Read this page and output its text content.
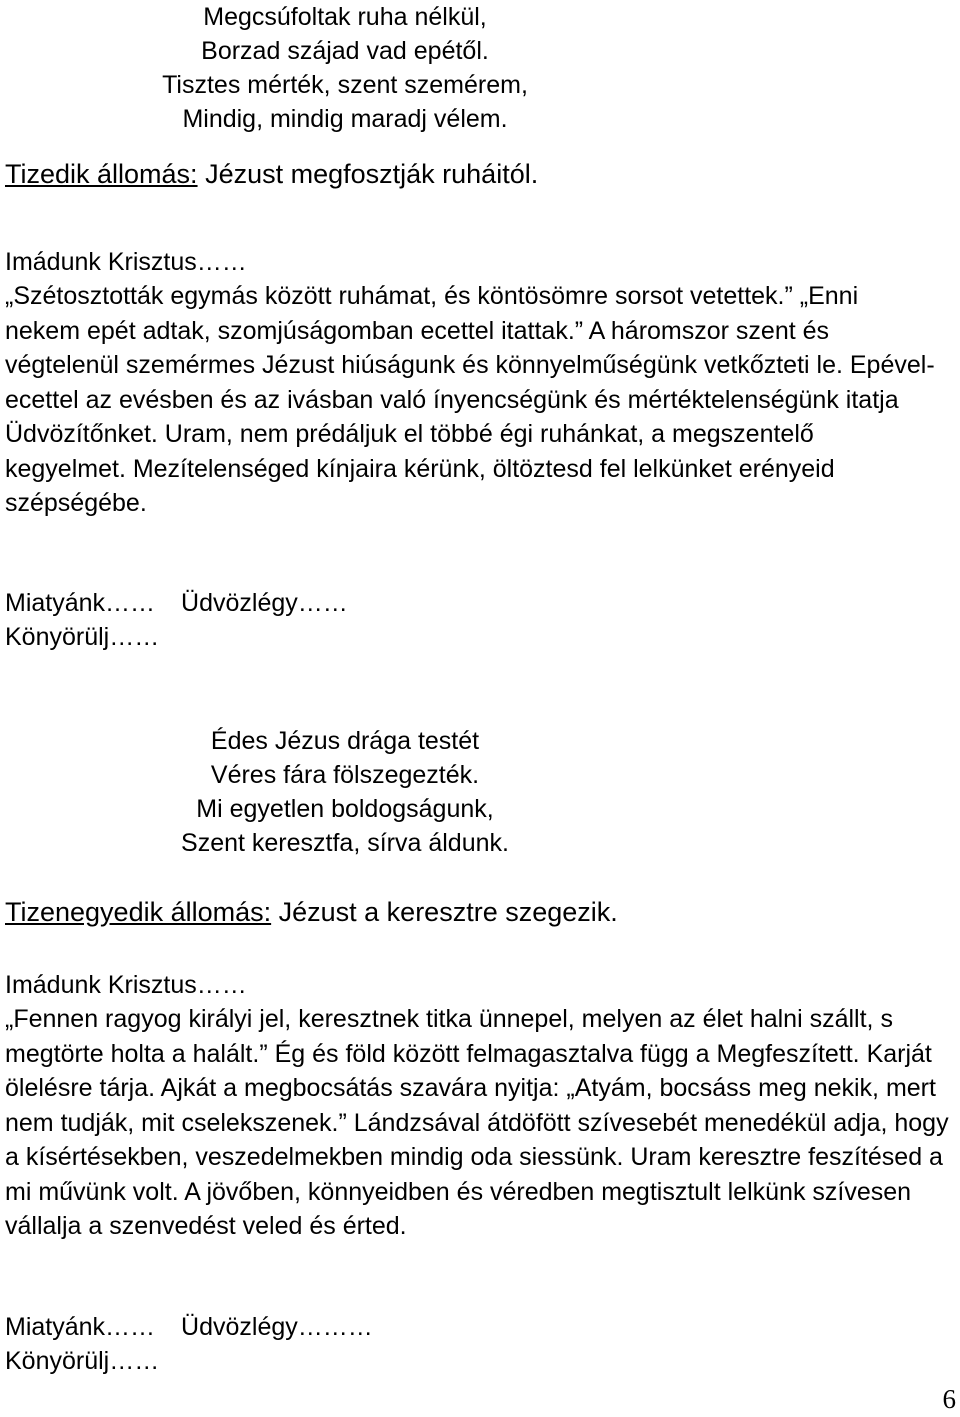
Megcsúfoltak ruha nélkül,
Borzad szájad vad epétől.
Tisztes mérték, szent szemérem,
Mindig, mindig maradj vélem.
Tizedik állomás: Jézust megfosztják ruháitól.
Imádunk Krisztus……

„Szétosztották egymás között ruhámat, és köntösömre sorsot vetettek.” „Enni nekem epét adtak, szomjúságomban ecettel itattak.” A háromszor szent és végtelenül szemérmes Jézust hiúságunk és könnyelműségünk vetkőzteti le. Epével-ecettel az evésben és az ivásban való ínyencségünk és mértéktelenségünk itatja Üdvözítőnket. Uram, nem prédáljuk el többé égi ruhánkat, a megszentelő kegyelmet. Mezítelenséged kínjaira kérünk, öltöztesd fel lelkünket erényeid szépségébe.

Miatyánk…… Üdvözlégy……
Könyörülj……
Édes Jézus drága testét
Véres fára fölszegezték.
Mi egyetlen boldogságunk,
Szent keresztfa, sírva áldunk.
Tizenegyedik állomás: Jézust a keresztre szegezik.
Imádunk Krisztus……

„Fennen ragyog királyi jel, keresztnek titka ünnepel, melyen az élet halni szállt, s megtörte holta a halált.” Ég és föld között felmagasztalva függ a Megfeszített. Karját ölelésre tárja. Ajkát a megbocsátás szavára nyitja: „Atyám, bocsáss meg nekik, mert nem tudják, mit cselekszenek.” Lándzsával átdöfött szívesebét menedékül adja, hogy a kísértésekben, veszedelmekben mindig oda siessünk. Uram keresztre feszítésed a mi művünk volt. A jövőben, könnyeidben és véredben megtisztult lelkünk szívesen vállalja a szenvedést veled és érted.

Miatyánk…… Üdvözlégy………
Könyörülj……
6
